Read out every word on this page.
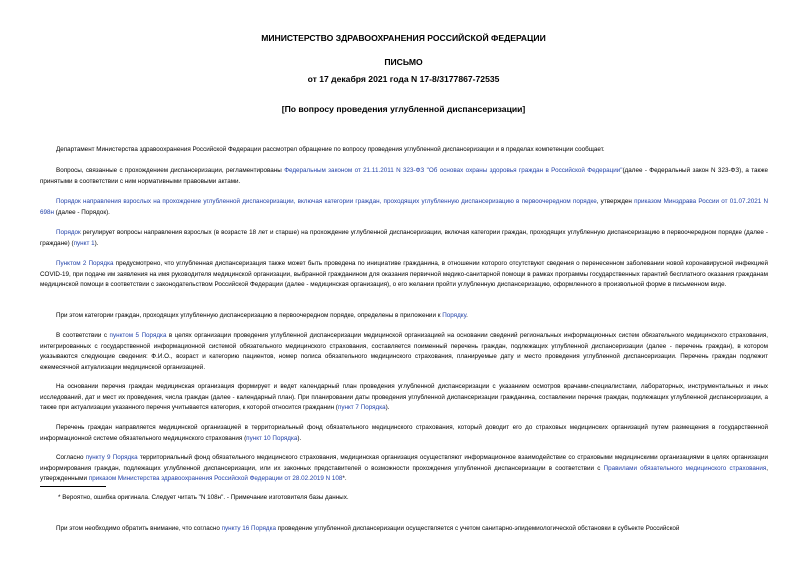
МИНИСТЕРСТВО ЗДРАВООХРАНЕНИЯ РОССИЙСКОЙ ФЕДЕРАЦИИ
ПИСЬМО
от 17 декабря 2021 года N 17-8/3177867-72535
[По вопросу проведения углубленной диспансеризации]

Департамент Министерства здравоохранения Российской Федерации рассмотрел обращение по вопросу проведения углубленной диспансеризации и в пределах компетенции сообщает.

Вопросы, связанные с прохождением диспансеризации, регламентированы Федеральным законом от 21.11.2011 N 323-ФЗ "Об основах охраны здоровья граждан в Российской Федерации"(далее - Федеральный закон N 323-ФЗ), а также принятыми в соответствии с ним нормативными правовыми актами.

Порядок направления взрослых на прохождение углубленной диспансеризации, включая категории граждан, проходящих углубленную диспансеризацию в первоочередном порядке, утвержден приказом Минздрава России от 01.07.2021 N 698н (далее - Порядок).

Порядок регулирует вопросы направления взрослых (в возрасте 18 лет и старше) на прохождение углубленной диспансеризации, включая категории граждан, проходящих углубленную диспансеризацию в первоочередном порядке (далее - граждане) (пункт 1).

Пунктом 2 Порядка предусмотрено, что углубленная диспансеризация также может быть проведена по инициативе гражданина, в отношении которого отсутствуют сведения о перенесенном заболевании новой коронавирусной инфекцией COVID-19, при подаче им заявления на имя руководителя медицинской организации, выбранной гражданином для оказания первичной медико-санитарной помощи в рамках программы государственных гарантий бесплатного оказания гражданам медицинской помощи в соответствии с законодательством Российской Федерации (далее - медицинская организация), о его желании пройти углубленную диспансеризацию, оформленного в произвольной форме в письменном виде.

При этом категории граждан, проходящих углубленную диспансеризацию в первоочередном порядке, определены в приложении к Порядку.

В соответствии с пунктом 5 Порядка в целях организации проведения углубленной диспансеризации медицинской организацией на основании сведений региональных информационных систем обязательного медицинского страхования, интегрированных с государственной информационной системой обязательного медицинского страхования, составляется поименный перечень граждан, подлежащих углубленной диспансеризации (далее - перечень граждан), в котором указываются следующие сведения: Ф.И.О., возраст и категорию пациентов, номер полиса обязательного медицинского страхования, планируемые дату и место проведения углубленной диспансеризации. Перечень граждан подлежит ежемесячной актуализации медицинской организацией.

На основании перечня граждан медицинская организация формирует и ведет календарный план проведения углубленной диспансеризации с указанием осмотров врачами-специалистами, лабораторных, инструментальных и иных исследований, дат и мест их проведения, числа граждан (далее - календарный план). При планировании даты проведения углубленной диспансеризации гражданина, составлении перечня граждан, подлежащих углубленной диспансеризации, а также при актуализации указанного перечня учитывается категория, к которой относится гражданин (пункт 7 Порядка).

Перечень граждан направляется медицинской организацией в территориальный фонд обязательного медицинского страхования, который доводит его до страховых медицинских организаций путем размещения в государственной информационной системе обязательного медицинского страхования (пункт 10 Порядка).

Согласно пункту 9 Порядка территориальный фонд обязательного медицинского страхования, медицинская организация осуществляют информационное взаимодействие со страховыми медицинскими организациями в целях организации информирования граждан, подлежащих углубленной диспансеризации, или их законных представителей о возможности прохождения углубленной диспансеризации в соответствии с Правилами обязательного медицинского страхования, утвержденными приказом Министерства здравоохранения Российской Федерации от 28.02.2019 N 108*.

* Вероятно, ошибка оригинала. Следует читать "N 108н". - Примечание изготовителя базы данных.

При этом необходимо обратить внимание, что согласно пункту 16 Порядка проведение углубленной диспансеризации осуществляется с учетом санитарно-эпидемиологической обстановки в субъекте Российской
